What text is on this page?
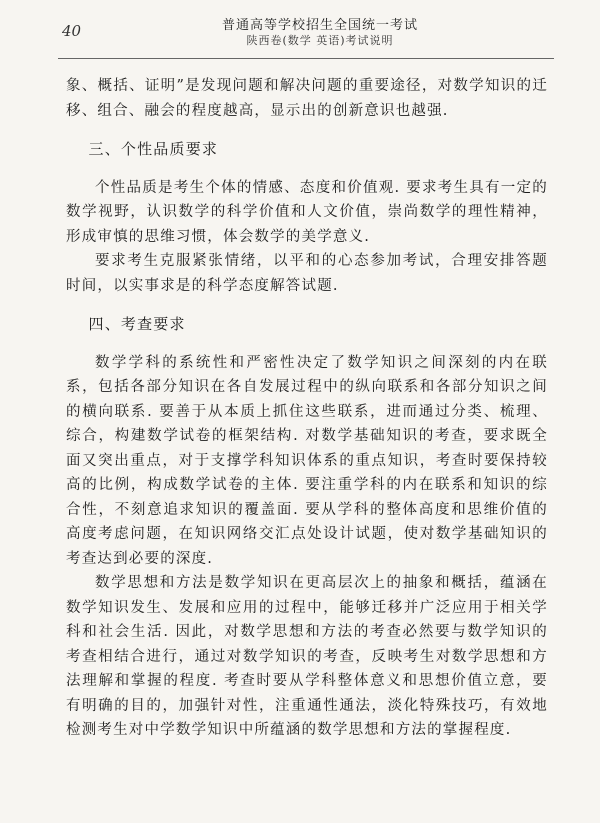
40	普通高等学校招生全国统一考试
陕西卷(数学 英语)考试说明

象、概括、证明”是发现问题和解决问题的重要途径，对数学知识的迁移、组合、融会的程度越高，显示出的创新意识也越强.

三、个性品质要求

个性品质是考生个体的情感、态度和价值观. 要求考生具有一定的数学视野，认识数学的科学价值和人文价值，崇尚数学的理性精神，形成审慎的思维习惯，体会数学的美学意义.

要求考生克服紧张情绪，以平和的心态参加考试，合理安排答题时间，以实事求是的科学态度解答试题.

四、考查要求

数学学科的系统性和严密性决定了数学知识之间深刻的内在联系，包括各部分知识在各自发展过程中的纵向联系和各部分知识之间的横向联系. 要善于从本质上抓住这些联系，进而通过分类、梳理、综合，构建数学试卷的框架结构. 对数学基础知识的考查，要求既全面又突出重点，对于支撑学科知识体系的重点知识，考查时要保持较高的比例，构成数学试卷的主体. 要注重学科的内在联系和知识的综合性，不刻意追求知识的覆盖面. 要从学科的整体高度和思维价值的高度考虑问题，在知识网络交汇点处设计试题，使对数学基础知识的考查达到必要的深度.

数学思想和方法是数学知识在更高层次上的抽象和概括，蕴涵在数学知识发生、发展和应用的过程中，能够迁移并广泛应用于相关学科和社会生活. 因此，对数学思想和方法的考查必然要与数学知识的考查相结合进行，通过对数学知识的考查，反映考生对数学思想和方法理解和掌握的程度. 考查时要从学科整体意义和思想价值立意，要有明确的目的，加强针对性，注重通性通法，淡化特殊技巧，有效地检测考生对中学数学知识中所蕴涵的数学思想和方法的掌握程度.
